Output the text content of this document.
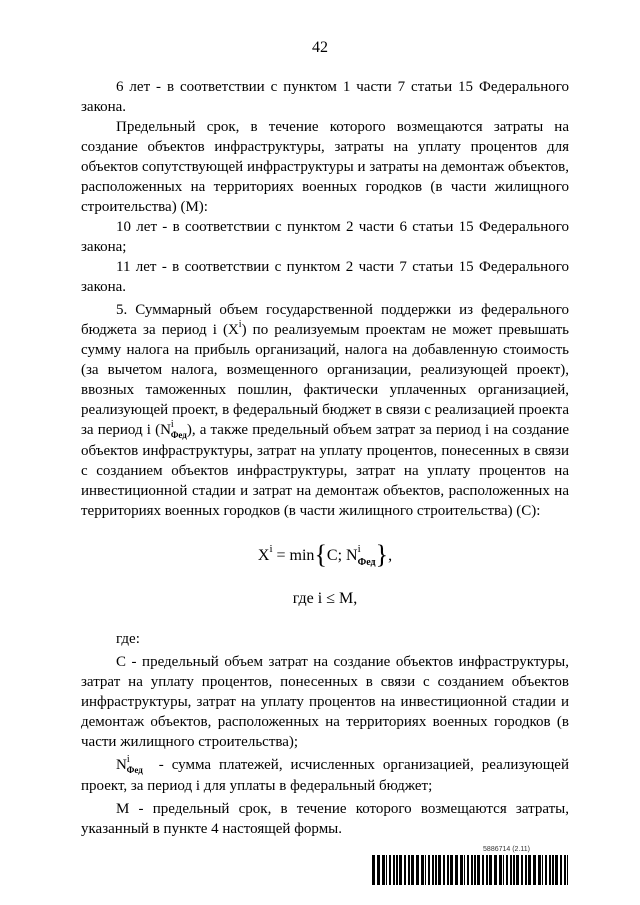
42

6 лет - в соответствии с пунктом 1 части 7 статьи 15 Федерального закона.

Предельный срок, в течение которого возмещаются затраты на создание объектов инфраструктуры, затраты на уплату процентов для объектов сопутствующей инфраструктуры и затраты на демонтаж объектов, расположенных на территориях военных городков (в части жилищного строительства) (М):

10 лет - в соответствии с пунктом 2 части 6 статьи 15 Федерального закона;

11 лет - в соответствии с пунктом 2 части 7 статьи 15 Федерального закона.

5. Суммарный объем государственной поддержки из федерального бюджета за период i $(X^i)$ по реализуемым проектам не может превышать сумму налога на прибыль организаций, налога на добавленную стоимость (за вычетом налога, возмещенного организации, реализующей проект), ввозных таможенных пошлин, фактически уплаченных организацией, реализующей проект, в федеральный бюджет в связи с реализацией проекта за период i $(N^i_{Фед})$, а также предельный объем затрат за период i на создание объектов инфраструктуры, затрат на уплату процентов, понесенных в связи с созданием объектов инфраструктуры, затрат на уплату процентов на инвестиционной стадии и затрат на демонтаж объектов, расположенных на территориях военных городков (в части жилищного строительства) (С):

$X^i = \min\{C$; $N^i_{Фед}$},
где i ≤ M,

где:

С - предельный объем затрат на создание объектов инфраструктуры, затрат на уплату процентов, понесенных в связи с созданием объектов инфраструктуры, затрат на уплату процентов на инвестиционной стадии и демонтаж объектов, расположенных на территориях военных городков (в части жилищного строительства);

$N^i_{Фед}$ - сумма платежей, исчисленных организацией, реализующей проект, за период i для уплаты в федеральный бюджет;

М - предельный срок, в течение которого возмещаются затраты, указанный в пункте 4 настоящей формы.

5886714 (2.11)
